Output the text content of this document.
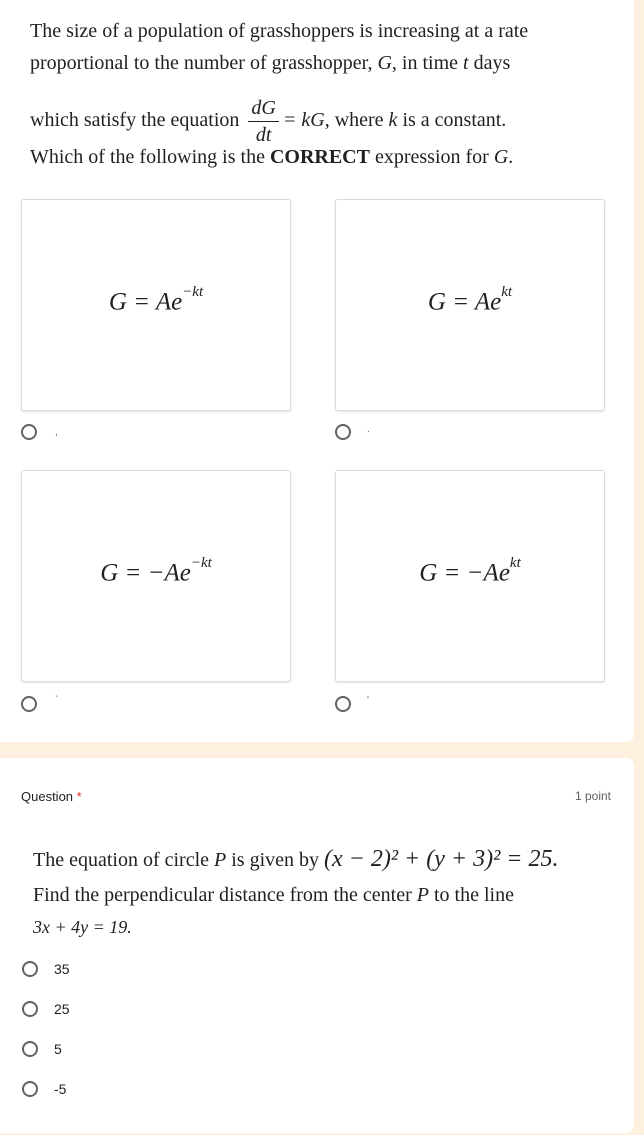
The size of a population of grasshoppers is increasing at a rate
proportional to the number of grasshopper, G, in time t days
which satisfy the equation $\frac{dG}{dt}$ = kG, where k is a constant.
Which of the following is the CORRECT expression for G.
$G = Ae^{-kt}$	$G = Ae^{kt}$
$G = -Ae^{-kt}$	$G = -Ae^{kt}$
,	.
`	'
Question *	1 point
The equation of circle P is given by (x − 2)² + (y + 3)² = 25.
Find the perpendicular distance from the center P to the line
3x + 4y = 19.
35
25
5
-5
